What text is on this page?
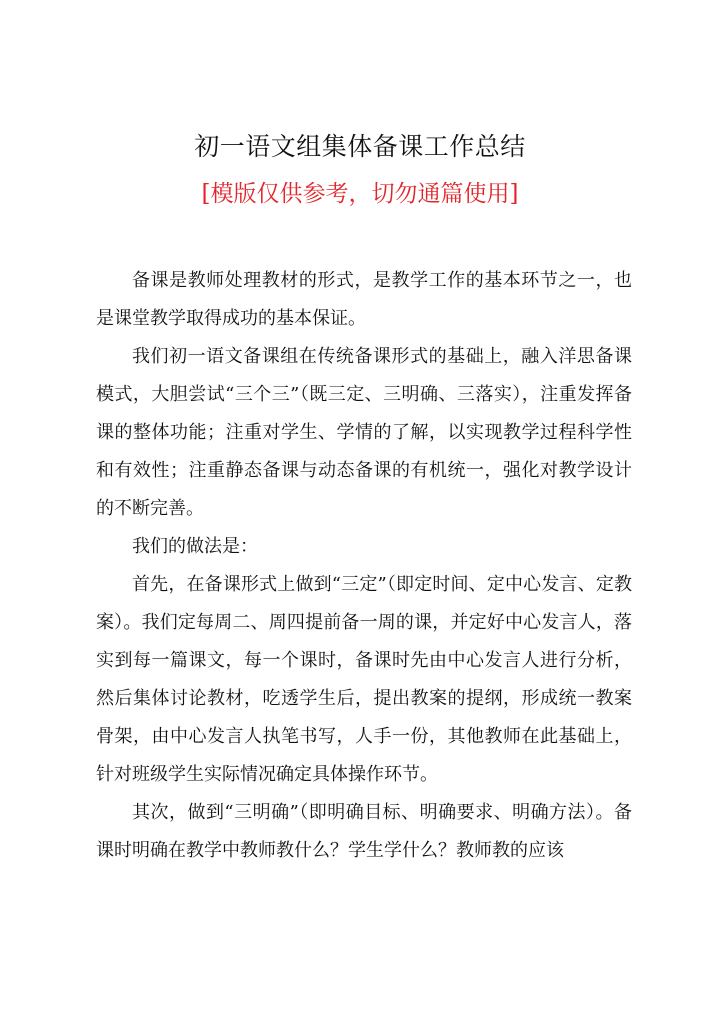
初一语文组集体备课工作总结
[模版仅供参考，切勿通篇使用]

备课是教师处理教材的形式，是教学工作的基本环节之一，也是课堂教学取得成功的基本保证。

我们初一语文备课组在传统备课形式的基础上，融入洋思备课模式，大胆尝试“三个三”（既三定、三明确、三落实），注重发挥备课的整体功能；注重对学生、学情的了解，以实现教学过程科学性和有效性；注重静态备课与动态备课的有机统一，强化对教学设计的不断完善。

我们的做法是：

首先，在备课形式上做到“三定”（即定时间、定中心发言、定教案）。我们定每周二、周四提前备一周的课，并定好中心发言人，落实到每一篇课文，每一个课时，备课时先由中心发言人进行分析，然后集体讨论教材，吃透学生后，提出教案的提纲，形成统一教案骨架，由中心发言人执笔书写，人手一份，其他教师在此基础上，针对班级学生实际情况确定具体操作环节。

其次，做到“三明确”（即明确目标、明确要求、明确方法）。备课时明确在教学中教师教什么？学生学什么？教师教的应该
